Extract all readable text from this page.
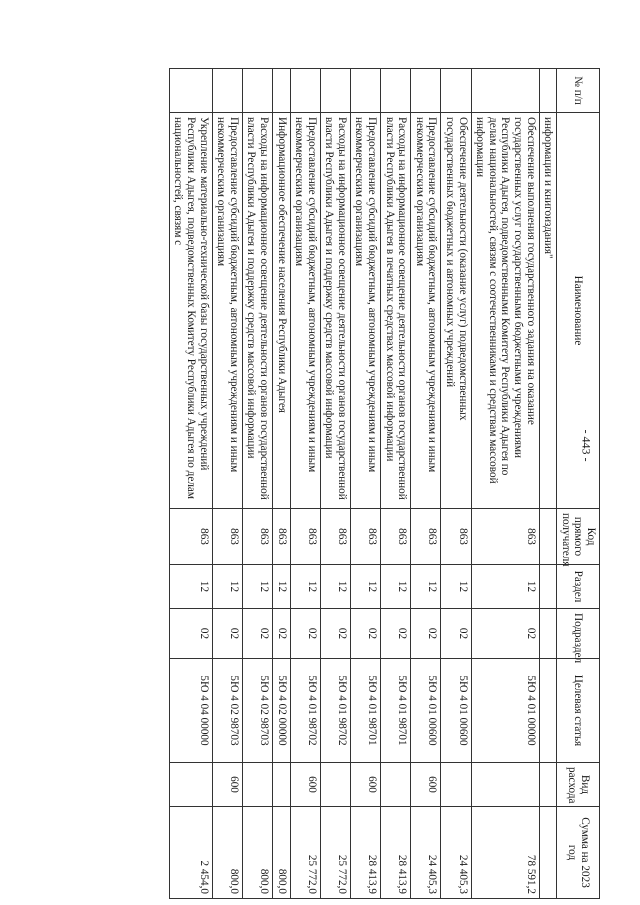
- 443 -
№ п/п	Наименование	Код прямого получателя	Раздел	Подраздел	Целевая статья	Вид расхода	Сумма на 2023 год
	информации и книгоиздания"						
	Обеспечение выполнения государственного задания на оказание государственных услуг государственными бюджетными учреждениями Республики Адыгея, подведомственными Комитету Республики Адыгея по делам национальностей, связям с соотечественниками и средствам массовой информации	863	12	02	5Ю 4 01 00000		78 591,2
	Обеспечение деятельности (оказание услуг) подведомственных государственных бюджетных и автономных учреждений	863	12	02	5Ю 4 01 00600		24 405,3
	Предоставление субсидий бюджетным, автономным учреждениям и иным некоммерческим организациям	863	12	02	5Ю 4 01 00600	600	24 405,3
	Расходы на информационное освещение деятельности органов государственной власти Республики Адыгея в печатных средствах массовой информации	863	12	02	5Ю 4 01 98701		28 413,9
	Предоставление субсидий бюджетным, автономным учреждениям и иным некоммерческим организациям	863	12	02	5Ю 4 01 98701	600	28 413,9
	Расходы на информационное освещение деятельности органов государственной власти Республики Адыгея и поддержку средств массовой информации	863	12	02	5Ю 4 01 98702		25 772,0
	Предоставление субсидий бюджетным, автономным учреждениям и иным некоммерческим организациям	863	12	02	5Ю 4 01 98702	600	25 772,0
	Информационное обеспечение населения Республики Адыгея	863	12	02	5Ю 4 02 00000		800,0
	Расходы на информационное освещение деятельности органов государственной власти Республики Адыгея и поддержку средств массовой информации	863	12	02	5Ю 4 02 98703		800,0
	Предоставление субсидий бюджетным, автономным учреждениям и иным некоммерческим организациям	863	12	02	5Ю 4 02 98703	600	800,0
	Укрепление материально-технической базы государственных учреждений Республики Адыгея, подведомственных Комитету Республики Адыгея по делам национальностей, связям с	863	12	02	5Ю 4 04 00000		2 454,0
